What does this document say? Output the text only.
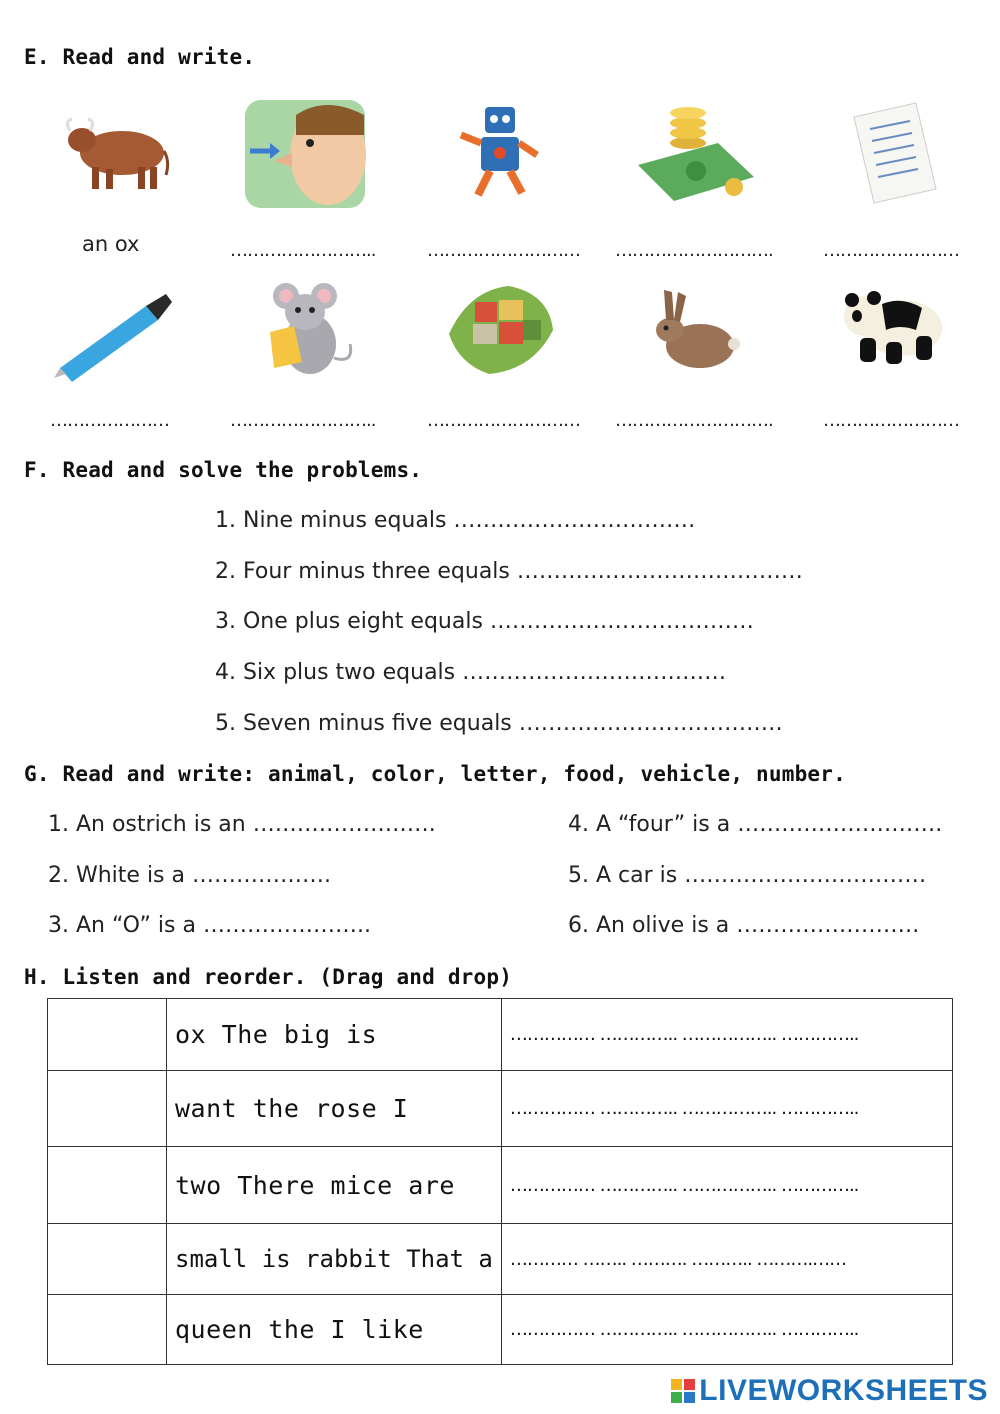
E. Read and write.
an ox	……………………..	……………………… ……………………….	……………………
…………………	……………………..	……………………… ……………………….	……………………
F. Read and solve the problems.
1. Nine minus equals ……………………………
2. Four minus three equals …………………………………
3. One plus eight equals ………………………………
4. Six plus two equals ………………………………
5. Seven minus five equals ………………………………
G. Read and write: animal, color, letter, food, vehicle, number.
1. An ostrich is an …………………….
2. White is a ……………….
3. An “O” is a …………………..
4. A “four” is a ……………………….
5. A car is ……………………………
6. An olive is a …………………….
H. Listen and reorder. (Drag and drop)
	ox The big is	…………… ………….. …………….. …………..
	want the rose I	…………… ………….. …………….. …………..
	two There mice are	…………… ………….. …………….. …………..
	small is rabbit That a	………… …….. ………. ……….. ……….……
	queen the I like	…………… ………….. …………….. …………..
LIVEWORKSHEETS
